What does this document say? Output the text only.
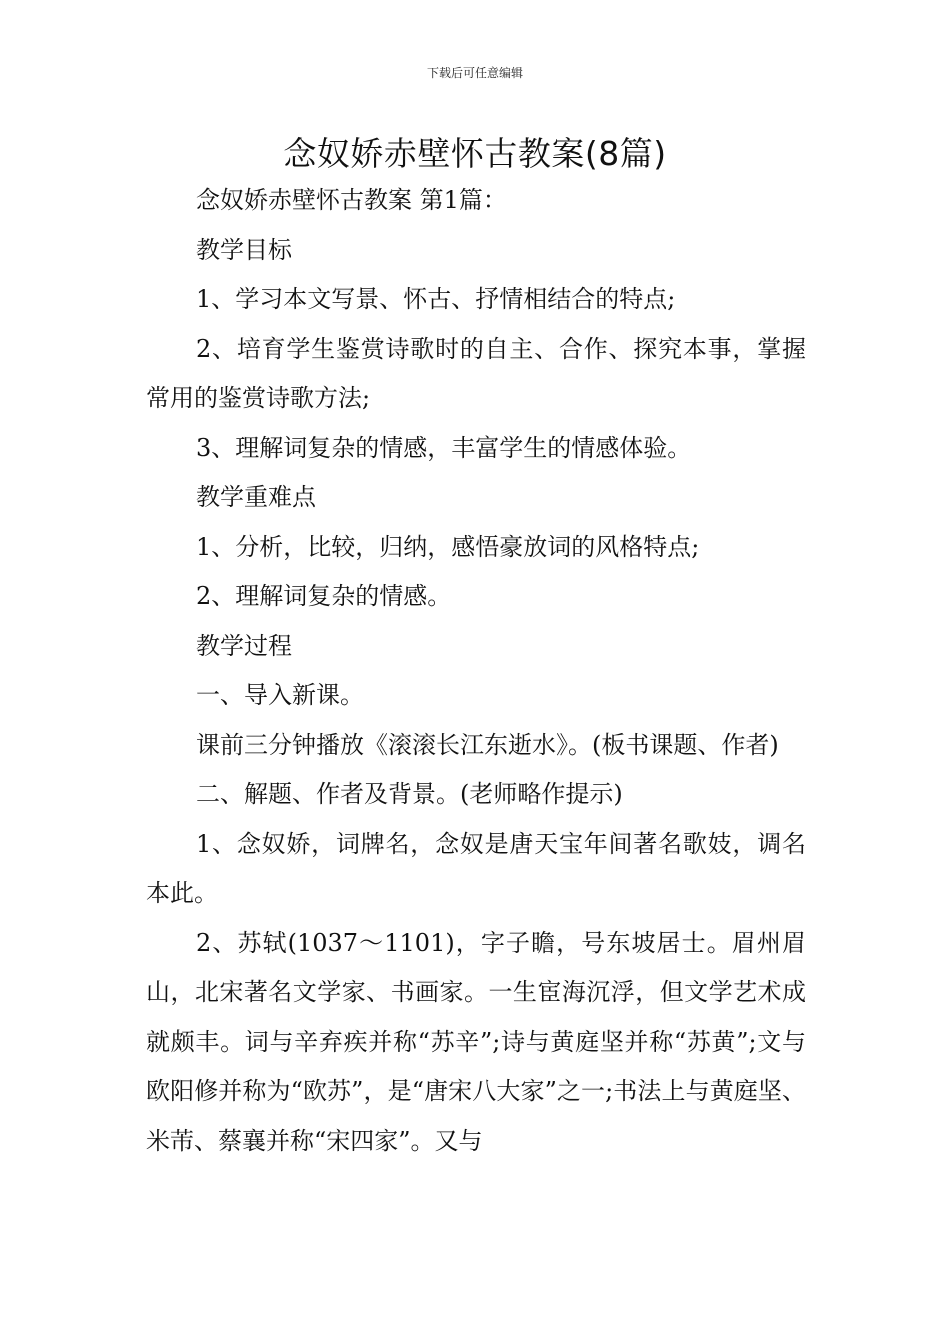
下载后可任意编辑
念奴娇赤壁怀古教案(8篇)

念奴娇赤壁怀古教案 第1篇：

教学目标

1、学习本文写景、怀古、抒情相结合的特点;

2、培育学生鉴赏诗歌时的自主、合作、探究本事，掌握常用的鉴赏诗歌方法;

3、理解词复杂的情感，丰富学生的情感体验。

教学重难点

1、分析，比较，归纳，感悟豪放词的风格特点;

2、理解词复杂的情感。

教学过程

一、导入新课。

课前三分钟播放《滚滚长江东逝水》。(板书课题、作者)

二、解题、作者及背景。(老师略作提示)

1、念奴娇，词牌名，念奴是唐天宝年间著名歌妓，调名本此。

2、苏轼(1037～1101)，字子瞻，号东坡居士。眉州眉山，北宋著名文学家、书画家。一生宦海沉浮，但文学艺术成就颇丰。词与辛弃疾并称“苏辛”;诗与黄庭坚并称“苏黄”;文与欧阳修并称为“欧苏”，是“唐宋八大家”之一;书法上与黄庭坚、米芾、蔡襄并称“宋四家”。又与
